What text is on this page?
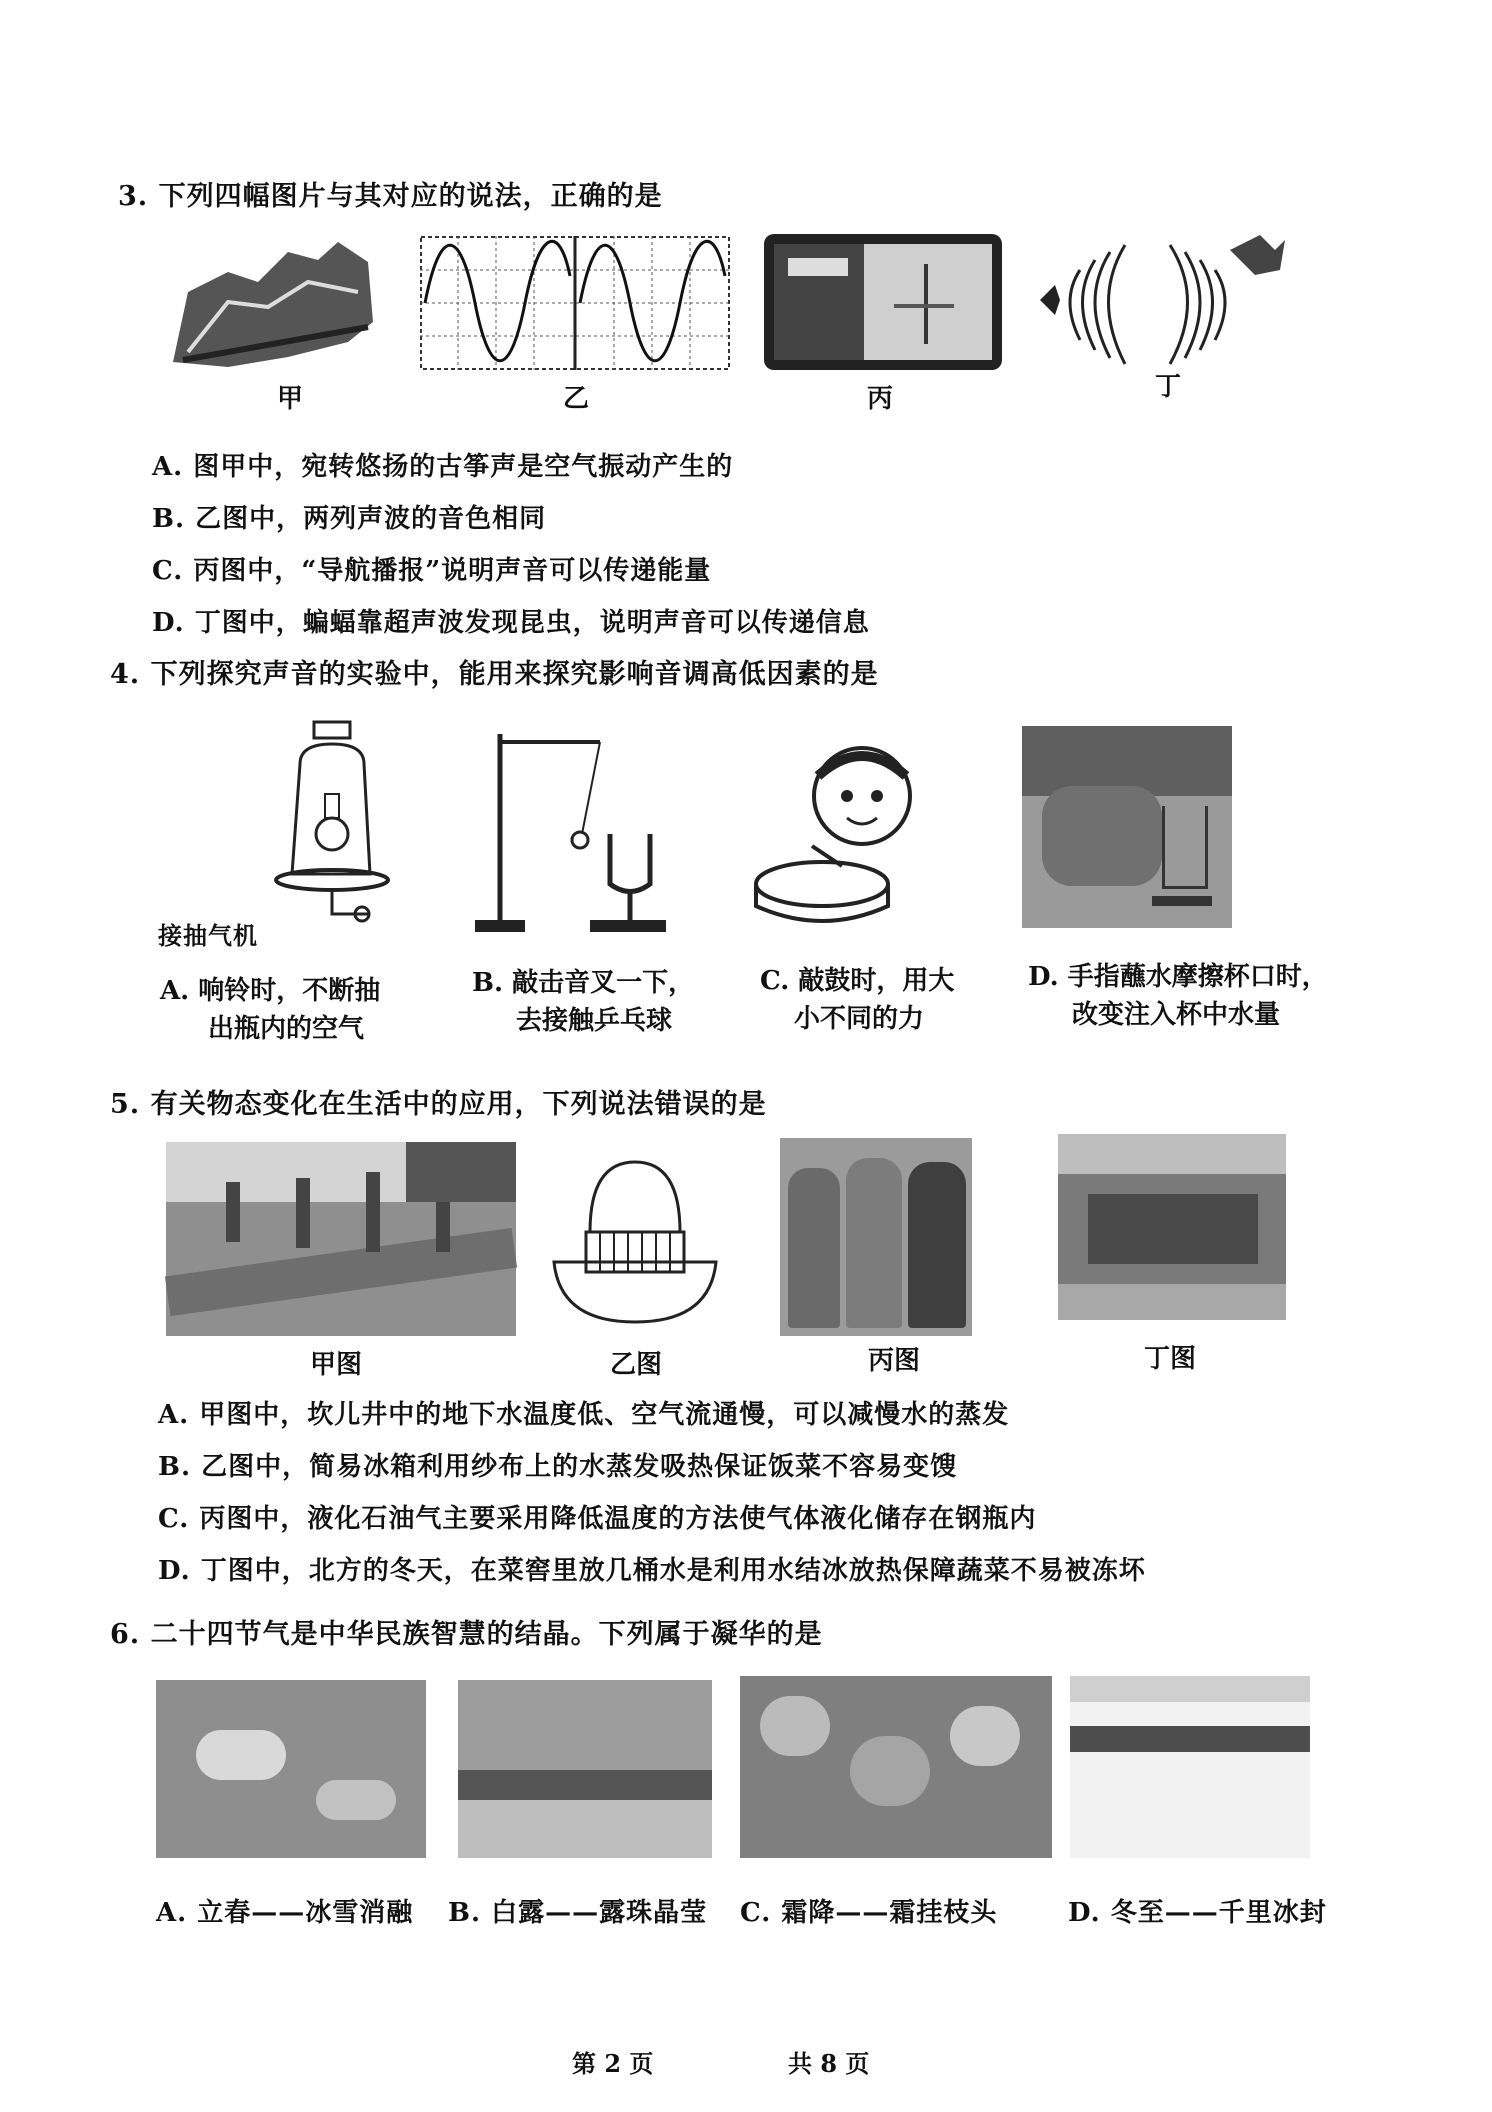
3. 下列四幅图片与其对应的说法，正确的是
甲	乙	丙	丁
A. 图甲中，宛转悠扬的古筝声是空气振动产生的
B. 乙图中，两列声波的音色相同
C. 丙图中，“导航播报”说明声音可以传递能量
D. 丁图中，蝙蝠靠超声波发现昆虫，说明声音可以传递信息
4. 下列探究声音的实验中，能用来探究影响音调高低因素的是
接抽气机
A. 响铃时，不断抽
出瓶内的空气
B. 敲击音叉一下，
去接触乒乓球
C. 敲鼓时，用大
小不同的力
D. 手指蘸水摩擦杯口时，
改变注入杯中水量
5. 有关物态变化在生活中的应用，下列说法错误的是
甲图	乙图	丙图	丁图
A. 甲图中，坎儿井中的地下水温度低、空气流通慢，可以减慢水的蒸发
B. 乙图中，简易冰箱利用纱布上的水蒸发吸热保证饭菜不容易变馊
C. 丙图中，液化石油气主要采用降低温度的方法使气体液化储存在钢瓶内
D. 丁图中，北方的冬天，在菜窖里放几桶水是利用水结冰放热保障蔬菜不易被冻坏
6. 二十四节气是中华民族智慧的结晶。下列属于凝华的是
A. 立春——冰雪消融 B. 白露——露珠晶莹 C. 霜降——霜挂枝头	D. 冬至——千里冰封
第 2 页	共 8 页
